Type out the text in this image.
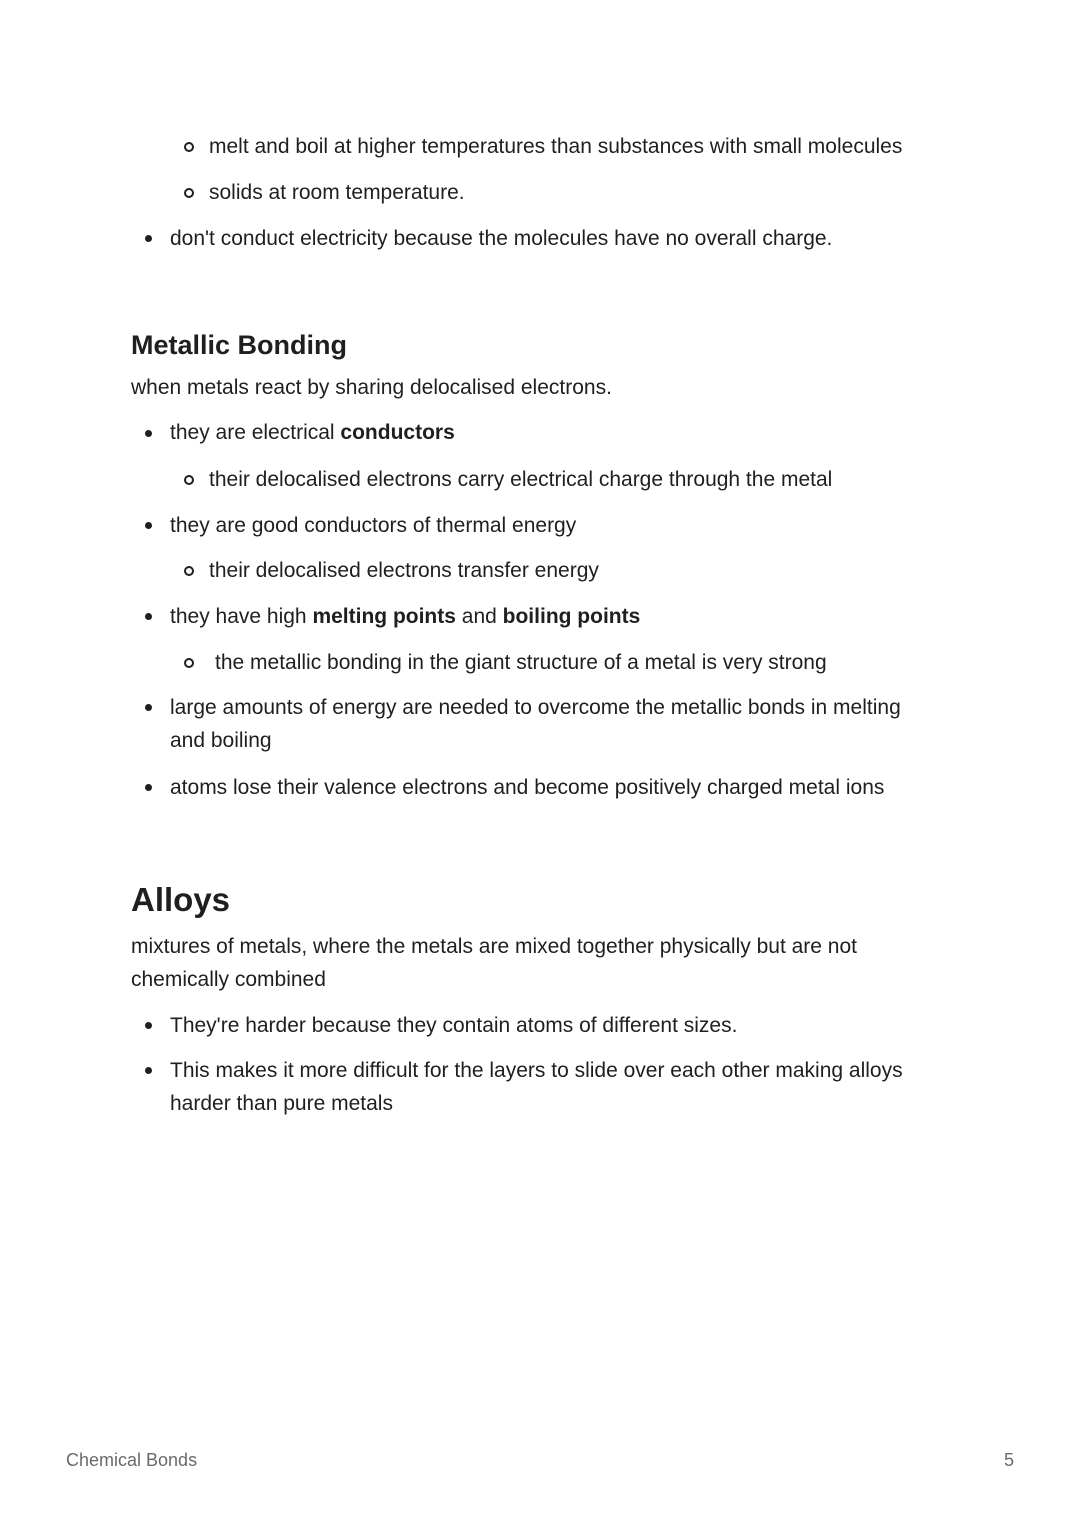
melt and boil at higher temperatures than substances with small molecules
solids at room temperature.
don't conduct electricity because the molecules have no overall charge.
Metallic Bonding
when metals react by sharing delocalised electrons.
they are electrical conductors
their delocalised electrons carry electrical charge through the metal
they are good conductors of thermal energy
their delocalised electrons transfer energy
they have high melting points and boiling points
the metallic bonding in the giant structure of a metal is very strong
large amounts of energy are needed to overcome the metallic bonds in melting
and boiling
atoms lose their valence electrons and become positively charged metal ions
Alloys
mixtures of metals, where the metals are mixed together physically but are not
chemically combined
They're harder because they contain atoms of different sizes.
This makes it more difficult for the layers to slide over each other making alloys
harder than pure metals
Chemical Bonds	5
